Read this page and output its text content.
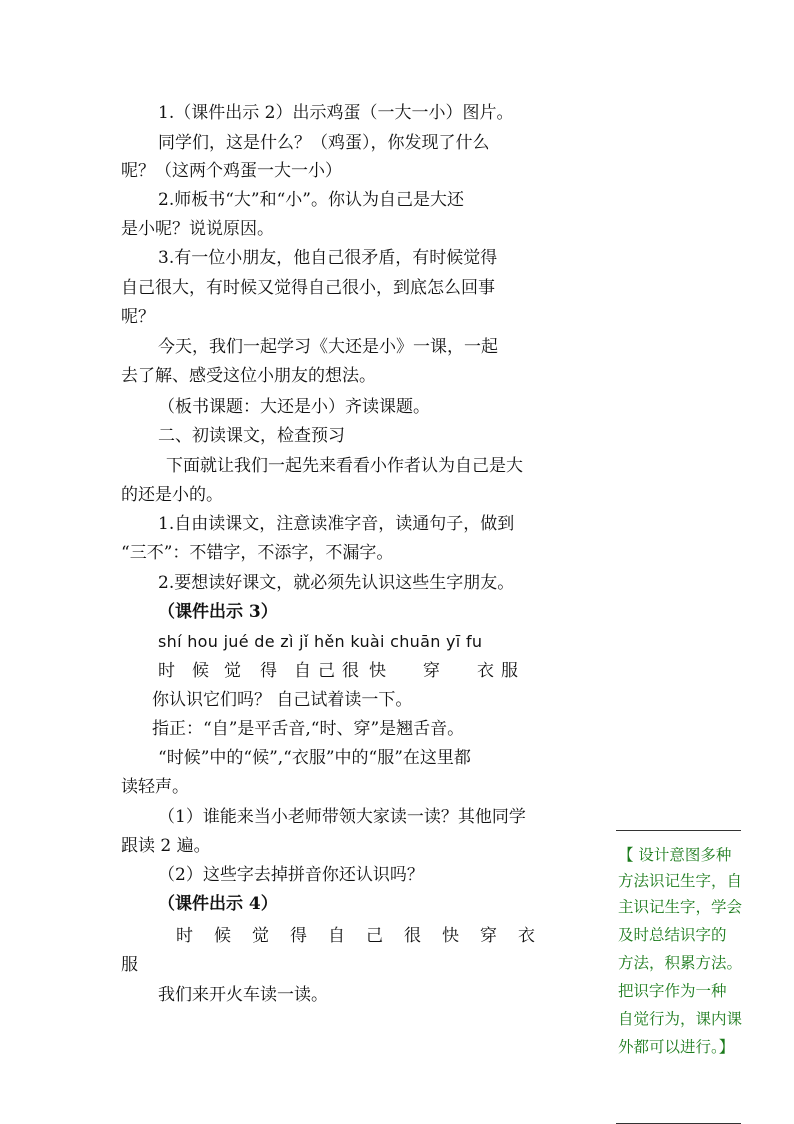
1.（课件出示 2）出示鸡蛋（一大一小）图片。
同学们，这是什么？（鸡蛋），你发现了什么
呢？（这两个鸡蛋一大一小）
2.师板书“大”和“小”。你认为自己是大还
是小呢？说说原因。
3.有一位小朋友，他自己很矛盾，有时候觉得
自己很大，有时候又觉得自己很小，到底怎么回事
呢？
今天，我们一起学习《大还是小》一课，一起
去了解、感受这位小朋友的想法。
（板书课题：大还是小）齐读课题。
二、初读课文，检查预习
下面就让我们一起先来看看小作者认为自己是大
的还是小的。
1.自由读课文，注意读准字音，读通句子，做到
“三不”：不错字，不添字，不漏字。
2.要想读好课文，就必须先认识这些生字朋友。
（课件出示 3）
shí hou jué de zì jǐ hěn kuài chuān yī fu
时 候 觉 得 自 己 很 快 穿 衣 服
你认识它们吗？ 自己试着读一下。
指正：“自”是平舌音,“时、穿”是翘舌音。
“时候”中的“候”,“衣服”中的“服”在这里都
读轻声。
（1）谁能来当小老师带领大家读一读？其他同学
跟读 2 遍。
（2）这些字去掉拼音你还认识吗？
（课件出示 4）
时 候 觉 得 自 己 很 快 穿 衣
服
我们来开火车读一读。
【 设计意图多种
方法识记生字，自
主识记生字，学会
及时总结识字的
方法，积累方法。
把识字作为一种
自觉行为，课内课
外都可以进行。】
